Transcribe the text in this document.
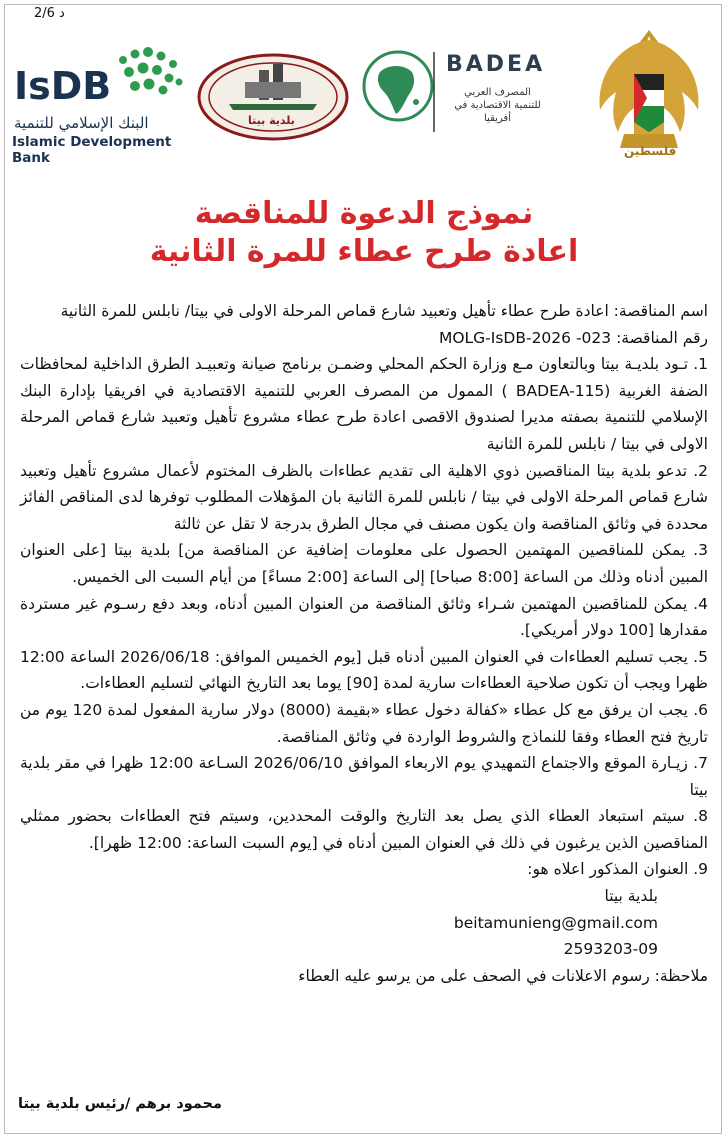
د 2/6
فلسطين
BADEA
المصرف العربي للتنمية الاقتصادية في أفريقيا
بلدية بيتا
IsDB
البنك الإسلامي للتنمية
Islamic Development Bank
نموذج الدعوة للمناقصة
اعادة طرح عطاء للمرة الثانية

اسم المناقصة: اعادة طرح عطاء تأهيل وتعبيد شارع قماص المرحلة الاولى في بيتا/ نابلس للمرة الثانية

رقم المناقصة: MOLG-IsDB-2026 -023

1. تـود بلديـة بيتا وبالتعاون مـع وزارة الحكم المحلي وضمـن برنامج صيانة وتعبيـد الطرق الداخلية لمحافظات الضفة الغربية (BADEA-115 ) الممول من المصرف العربي للتنمية الاقتصادية في افريقيا بإدارة البنك الإسلامي للتنمية بصفته مديرا لصندوق الاقصى اعادة طرح عطاء مشروع تأهيل وتعبيد شارع قماص المرحلة الاولى في بيتا / نابلس للمرة الثانية

2. تدعو بلدية بيتا المناقصين ذوي الاهلية الى تقديم عطاءات بالظرف المختوم لأعمال مشروع تأهيل وتعبيد شارع قماص المرحلة الاولى في بيتا / نابلس للمرة الثانية بان المؤهلات المطلوب توفرها لدى المناقص الفائز محددة في وثائق المناقصة وان يكون مصنف في مجال الطرق بدرجة لا تقل عن ثالثة

3. يمكن للمناقصين المهتمين الحصول على معلومات إضافية عن المناقصة من] بلدية بيتا [على العنوان المبين أدناه وذلك من الساعة [8:00 صباحا] إلى الساعة [2:00 مساءً] من أيام السبت الى الخميس.

4. يمكن للمناقصين المهتمين شـراء وثائق المناقصة من العنوان المبين أدناه، وبعد دفع رسـوم غير مستردة مقدارها [100 دولار أمريكي].

5. يجب تسليم العطاءات في العنوان المبين أدناه قبل [يوم الخميس الموافق: 2026/06/18 الساعة 12:00 ظهرا ويجب أن تكون صلاحية العطاءات سارية لمدة [90] يوما بعد التاريخ النهائي لتسليم العطاءات.

6. يجب ان يرفق مع كل عطاء «كفالة دخول عطاء «بقيمة (8000) دولار سارية المفعول لمدة 120 يوم من تاريخ فتح العطاء وفقا للنماذج والشروط الواردة في وثائق المناقصة.

7. زيـارة الموقع والاجتماع التمهيدي يوم الاربعاء الموافق 2026/06/10 السـاعة 12:00 ظهرا في مقر بلدية بيتا

8. سيتم استبعاد العطاء الذي يصل بعد التاريخ والوقت المحددين، وسيتم فتح العطاءات بحضور ممثلي المناقصين الذين يرغبون في ذلك في العنوان المبين أدناه في [يوم السبت الساعة: 12:00 ظهرا].

9. العنوان المذكور اعلاه هو:

بلدية بيتا

beitamunieng@gmail.com

2593203-09

ملاحظة: رسوم الاعلانات في الصحف على من يرسو عليه العطاء

محمود برهم /رئيس بلدية بيتا
